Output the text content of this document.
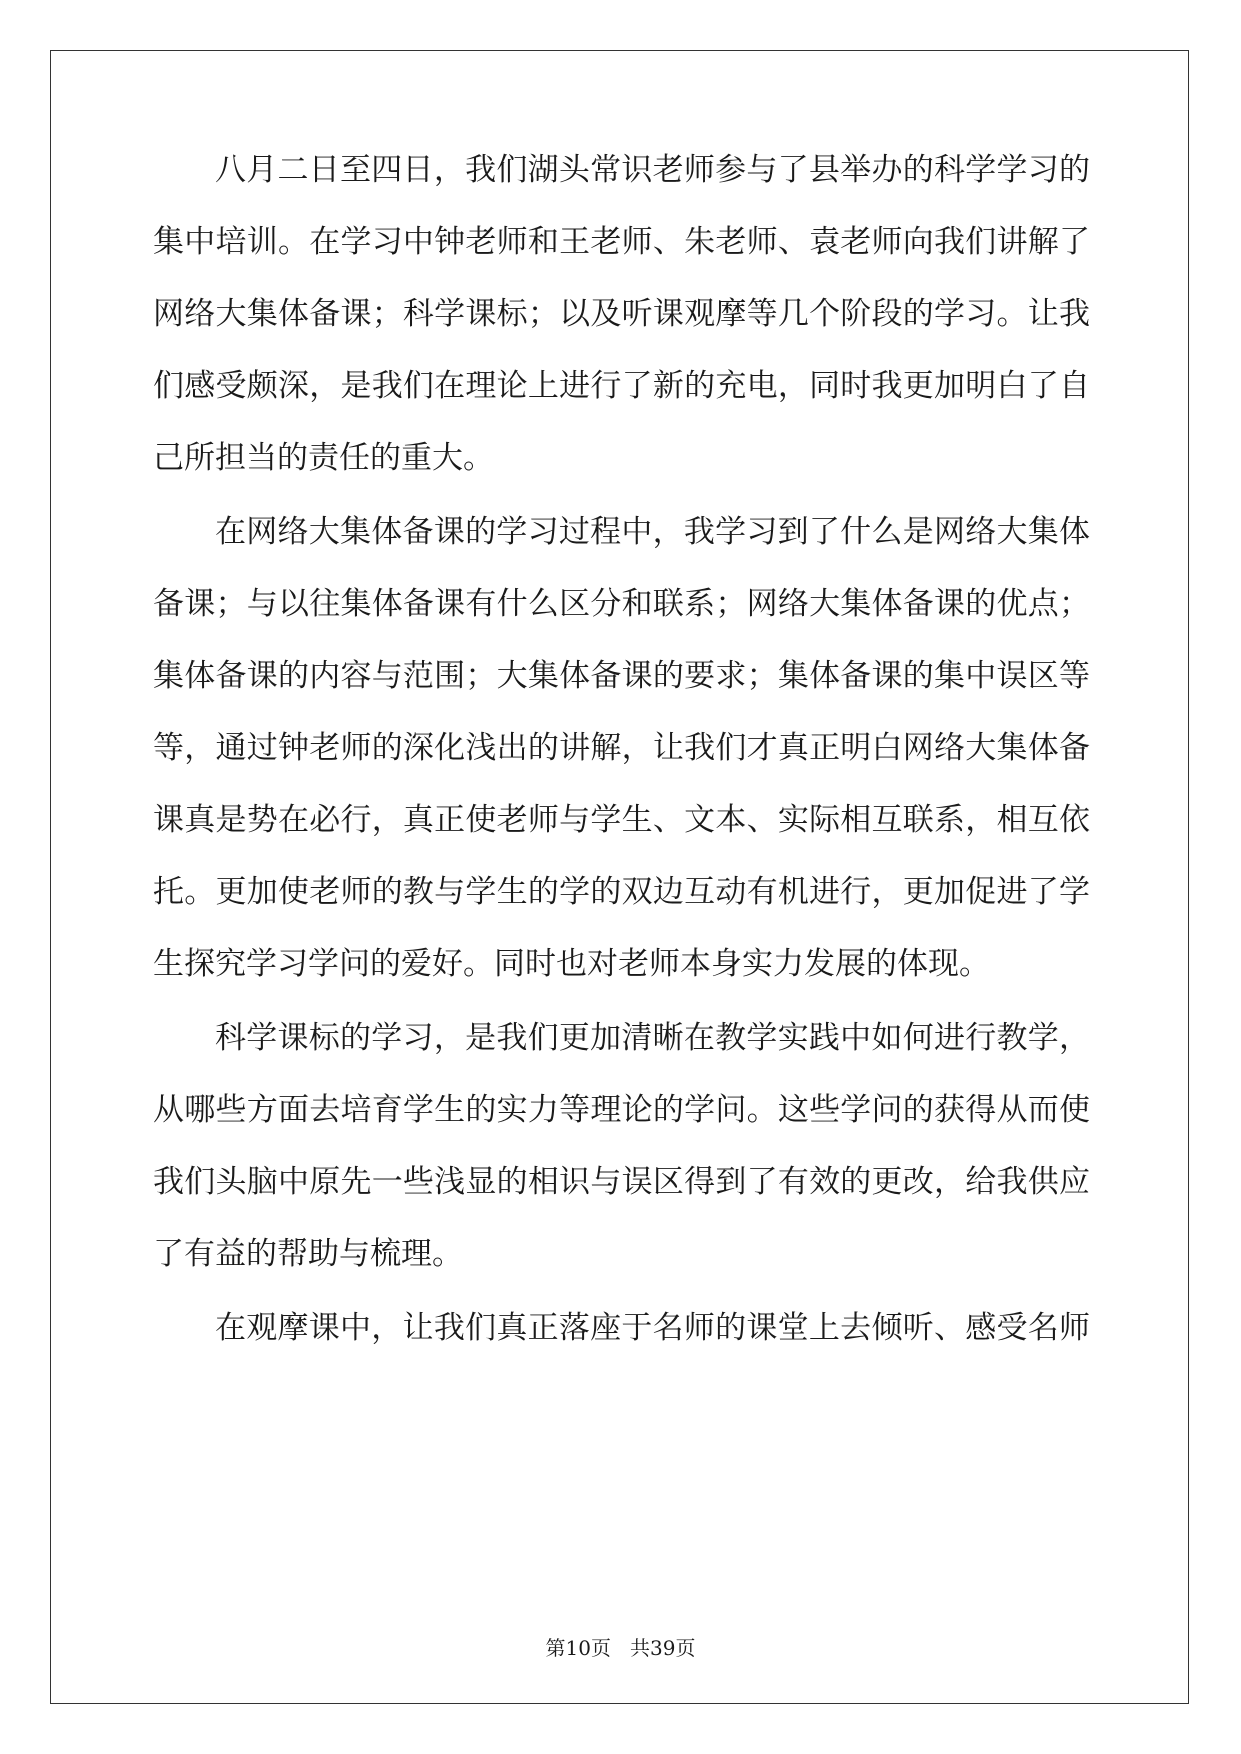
八月二日至四日，我们湖头常识老师参与了县举办的科学学习的
集中培训。在学习中钟老师和王老师、朱老师、袁老师向我们讲解了
网络大集体备课；科学课标；以及听课观摩等几个阶段的学习。让我
们感受颇深，是我们在理论上进行了新的充电，同时我更加明白了自
己所担当的责任的重大。
在网络大集体备课的学习过程中，我学习到了什么是网络大集体
备课；与以往集体备课有什么区分和联系；网络大集体备课的优点；
集体备课的内容与范围；大集体备课的要求；集体备课的集中误区等
等，通过钟老师的深化浅出的讲解，让我们才真正明白网络大集体备
课真是势在必行，真正使老师与学生、文本、实际相互联系，相互依
托。更加使老师的教与学生的学的双边互动有机进行，更加促进了学
生探究学习学问的爱好。同时也对老师本身实力发展的体现。
科学课标的学习，是我们更加清晰在教学实践中如何进行教学，
从哪些方面去培育学生的实力等理论的学问。这些学问的获得从而使
我们头脑中原先一些浅显的相识与误区得到了有效的更改，给我供应
了有益的帮助与梳理。
在观摩课中，让我们真正落座于名师的课堂上去倾听、感受名师
第10页 共39页
